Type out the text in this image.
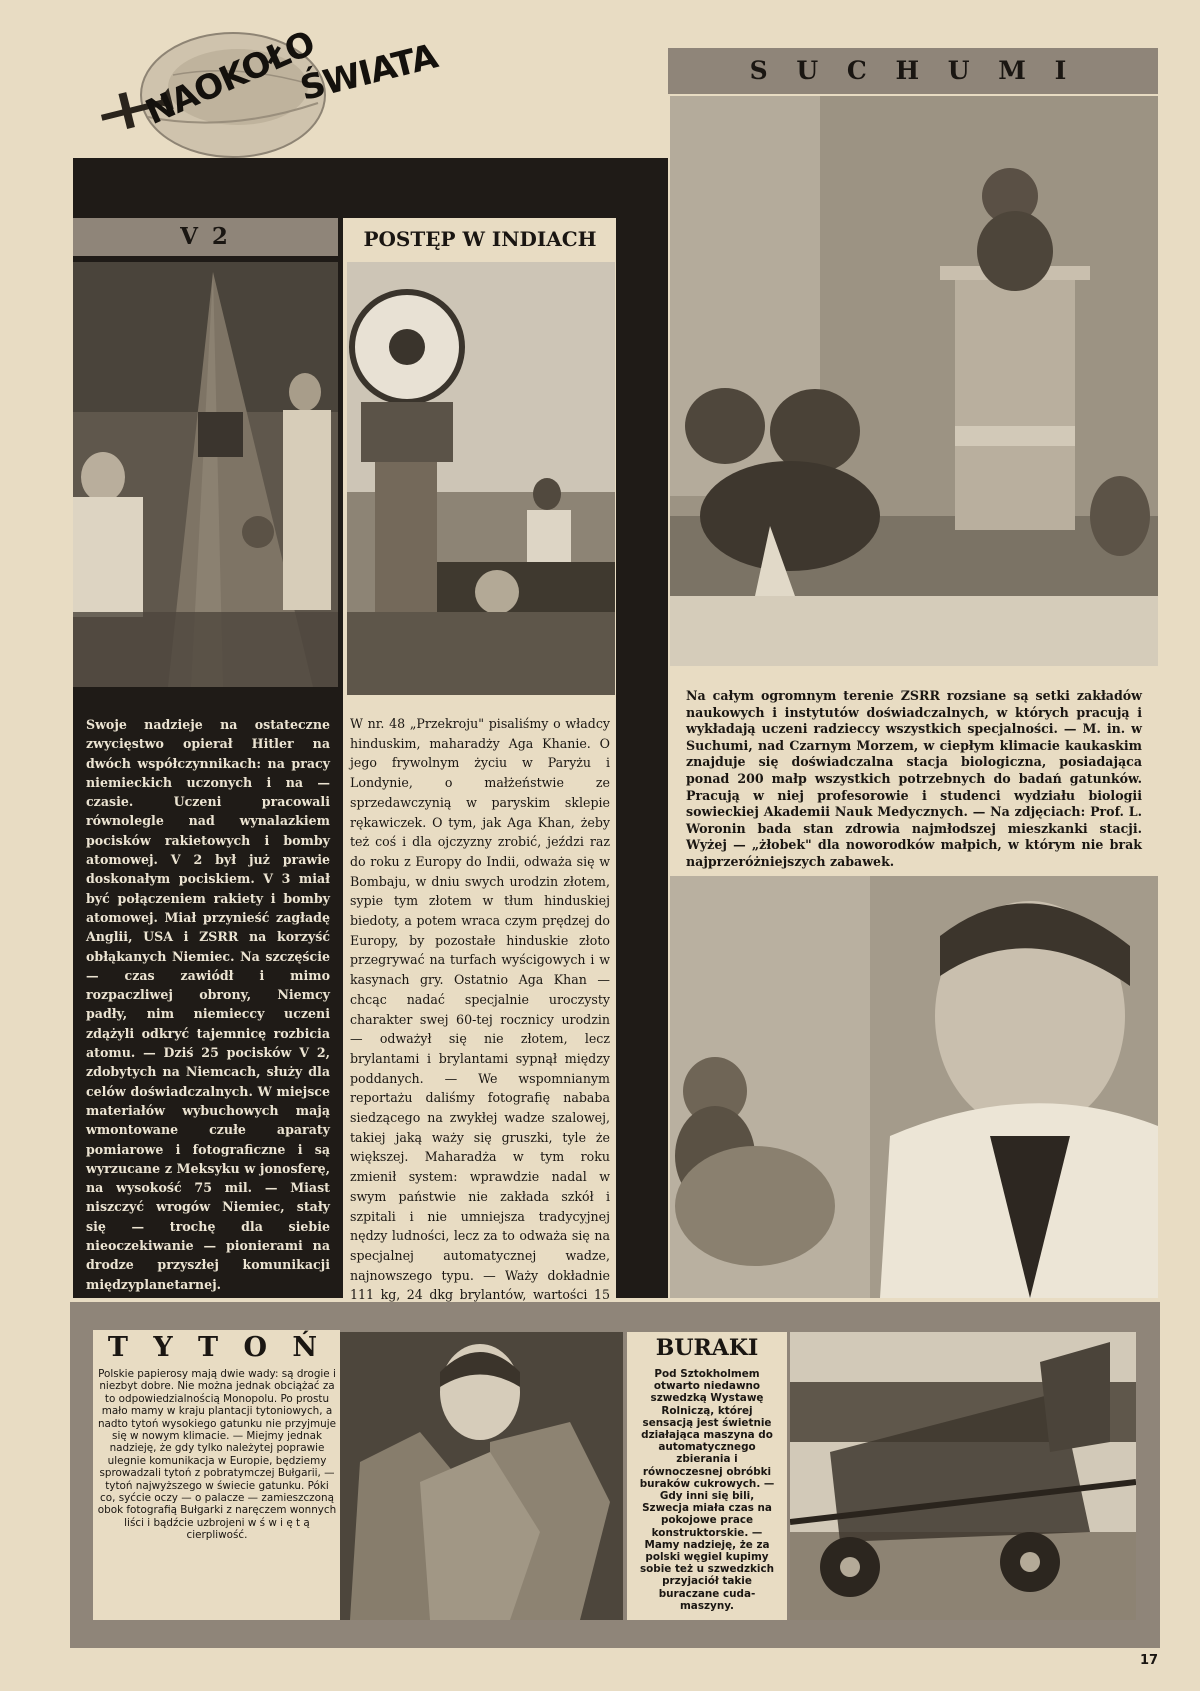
NAOKOŁO
ŚWIATA
V 2
Swoje nadzieje na ostateczne zwycięstwo opierał Hitler na dwóch współczynnikach: na pracy niemieckich uczonych i na — czasie. Uczeni pracowali równolegle nad wynalazkiem pocisków rakietowych i bomby atomowej. V 2 był już prawie doskonałym pociskiem. V 3 miał być połączeniem rakiety i bomby atomowej. Miał przynieść zagładę Anglii, USA i ZSRR na korzyść obłąkanych Niemiec. Na szczęście — czas zawiódł i mimo rozpaczliwej obrony, Niemcy padły, nim niemieccy uczeni zdążyli odkryć tajemnicę rozbicia atomu. — Dziś 25 pocisków V 2, zdobytych na Niemcach, służy dla celów doświadczalnych. W miejsce materiałów wybuchowych mają wmontowane czułe aparaty pomiarowe i fotograficzne i są wyrzucane z Meksyku w jonosferę, na wysokość 75 mil. — Miast niszczyć wrogów Niemiec, stały się — trochę dla siebie nieoczekiwanie — pionierami na drodze przyszłej komunikacji międzyplanetarnej.
POSTĘP W INDIACH
W nr. 48 „Przekroju" pisaliśmy o władcy hinduskim, maharadży Aga Khanie. O jego frywolnym życiu w Paryżu i Londynie, o małżeństwie ze sprzedawczynią w paryskim sklepie rękawiczek. O tym, jak Aga Khan, żeby też coś i dla ojczyzny zrobić, jeździ raz do roku z Europy do Indii, odważa się w Bombaju, w dniu swych urodzin złotem, sypie tym złotem w tłum hinduskiej biedoty, a potem wraca czym prędzej do Europy, by pozostałe hinduskie złoto przegrywać na turfach wyścigowych i w kasynach gry. Ostatnio Aga Khan — chcąc nadać specjalnie uroczysty charakter swej 60-tej rocznicy urodzin — odważył się nie złotem, lecz brylantami i brylantami sypnął między poddanych. — We wspomnianym reportażu daliśmy fotografię nababa siedzącego na zwykłej wadze szalowej, takiej jaką waży się gruszki, tyle że większej. Maharadża w tym roku zmienił system: wprawdzie nadal w swym państwie nie zakłada szkół i szpitali i nie umniejsza tradycyjnej nędzy ludności, lecz za to odważa się na specjalnej automatycznej wadze, najnowszego typu. — Waży dokładnie 111 kg, 24 dkg brylantów, wartości 15
S U C H U M I
Na całym ogromnym terenie ZSRR rozsiane są setki zakładów naukowych i instytutów doświadczalnych, w których pracują i wykładają uczeni radzieccy wszystkich specjalności. — M. in. w Suchumi, nad Czarnym Morzem, w ciepłym klimacie kaukaskim znajduje się doświadczalna stacja biologiczna, posiadająca ponad 200 małp wszystkich potrzebnych do badań gatunków. Pracują w niej profesorowie i studenci wydziału biologii sowieckiej Akademii Nauk Medycznych. — Na zdjęciach: Prof. L. Woronin bada stan zdrowia najmłodszej mieszkanki stacji. Wyżej — „żłobek" dla noworodków małpich, w którym nie brak najprzeróżniejszych zabawek.
T Y T O Ń
Polskie papierosy mają dwie wady: są drogie i niezbyt dobre. Nie można jednak obciążać za to odpowiedzialnością Monopolu. Po prostu mało mamy w kraju plantacji tytoniowych, a nadto tytoń wysokiego gatunku nie przyjmuje się w nowym klimacie. — Miejmy jednak nadzieję, że gdy tylko należytej poprawie ulegnie komunikacja w Europie, będziemy sprowadzali tytoń z pobratymczej Bułgarii, — tytoń najwyższego w świecie gatunku. Póki co, syćcie oczy — o palacze — zamieszczoną obok fotografią Bułgarki z naręczem wonnych liści i bądźcie uzbrojeni w ś w i ę t ą cierpliwość.
BURAKI
Pod Sztokholmem otwarto niedawno szwedzką Wystawę Rolniczą, której sensacją jest świetnie działająca maszyna do automatycznego zbierania i równoczesnej obróbki buraków cukrowych. — Gdy inni się bili, Szwecja miała czas na pokojowe prace konstruktorskie. — Mamy nadzieję, że za polski węgiel kupimy sobie też u szwedzkich przyjaciół takie buraczane cuda-maszyny.
17
